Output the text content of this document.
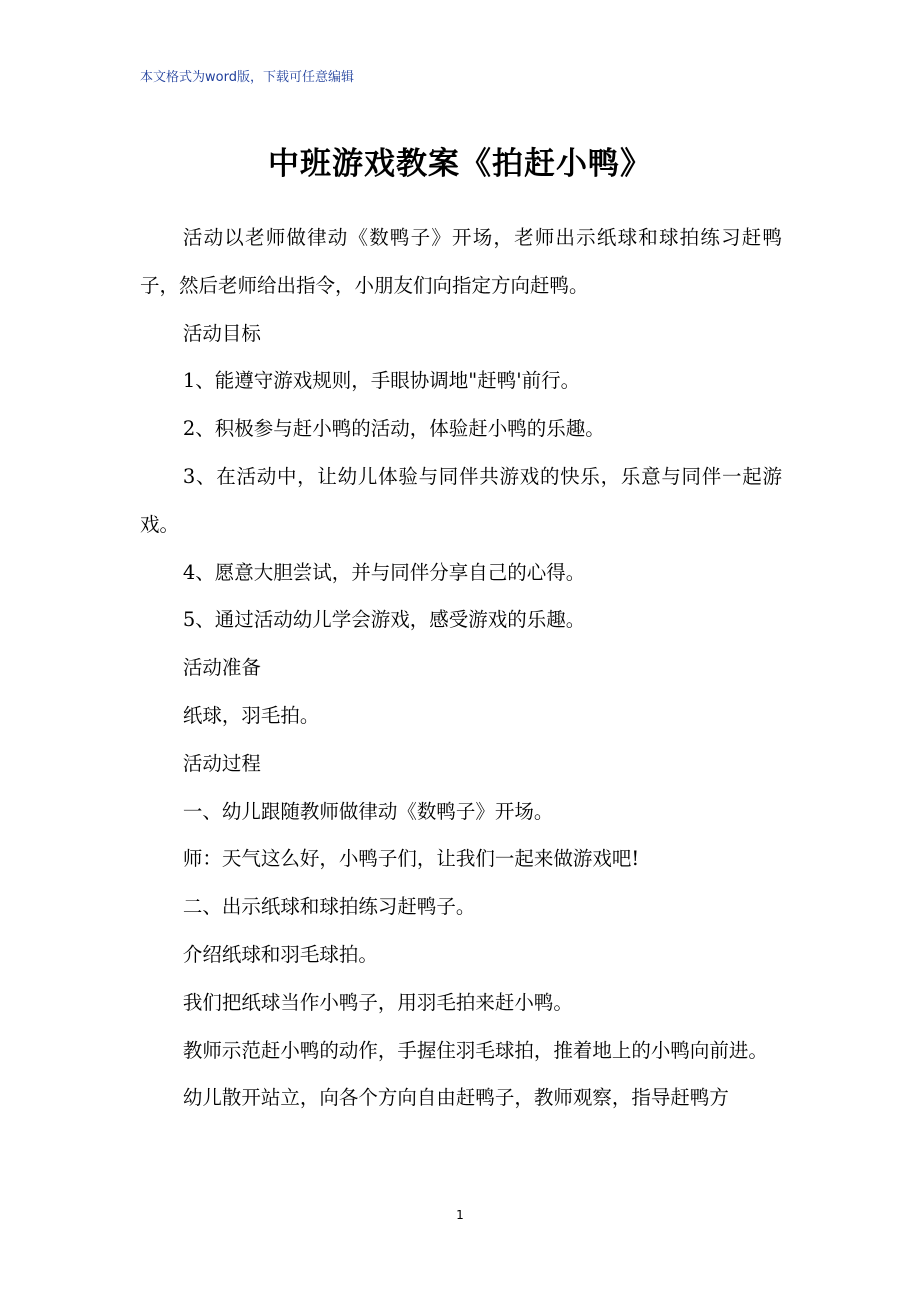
本文格式为word版，下载可任意编辑
中班游戏教案《拍赶小鸭》

活动以老师做律动《数鸭子》开场，老师出示纸球和球拍练习赶鸭子，然后老师给出指令，小朋友们向指定方向赶鸭。

活动目标

1、能遵守游戏规则，手眼协调地"赶鸭'前行。

2、积极参与赶小鸭的活动，体验赶小鸭的乐趣。

3、在活动中，让幼儿体验与同伴共游戏的快乐，乐意与同伴一起游戏。

4、愿意大胆尝试，并与同伴分享自己的心得。

5、通过活动幼儿学会游戏，感受游戏的乐趣。

活动准备

纸球，羽毛拍。

活动过程

一、幼儿跟随教师做律动《数鸭子》开场。

师：天气这么好，小鸭子们，让我们一起来做游戏吧!

二、出示纸球和球拍练习赶鸭子。

介绍纸球和羽毛球拍。

我们把纸球当作小鸭子，用羽毛拍来赶小鸭。

教师示范赶小鸭的动作，手握住羽毛球拍，推着地上的小鸭向前进。

幼儿散开站立，向各个方向自由赶鸭子，教师观察，指导赶鸭方

1
